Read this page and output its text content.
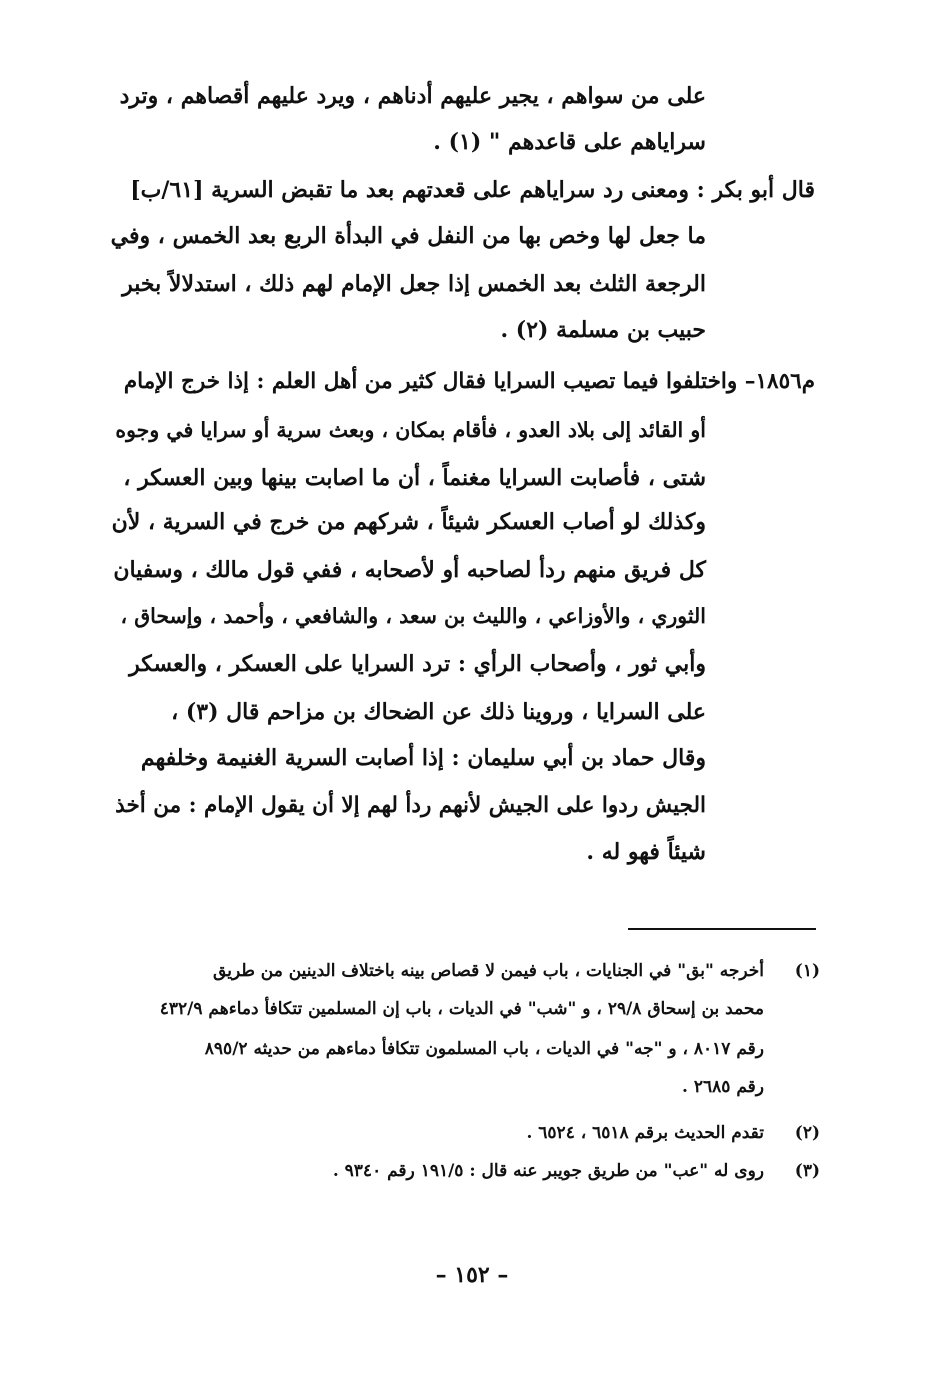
على من سواهم ، يجير عليهم أدناهم ، ويرد عليهم أقصاهم ، وترد
سراياهم على قاعدهم " (١) .
قال أبو بكر : ومعنى رد سراياهم على قعدتهم بعد ما تقبض السرية [٦١/ب]
ما جعل لها وخص بها من النفل في البدأة الربع بعد الخمس ، وفي
الرجعة الثلث بعد الخمس إذا جعل الإمام لهم ذلك ، استدلالاً بخبر
حبيب بن مسلمة (٢) .
م١٨٥٦– واختلفوا فيما تصيب السرايا فقال كثير من أهل العلم : إذا خرج الإمام
أو القائد إلى بلاد العدو ، فأقام بمكان ، وبعث سرية أو سرايا في وجوه
شتى ، فأصابت السرايا مغنماً ، أن ما اصابت بينها وبين العسكر ،
وكذلك لو أصاب العسكر شيئاً ، شركهم من خرج في السرية ، لأن
كل فريق منهم ردأ لصاحبه أو لأصحابه ، ففي قول مالك ، وسفيان
الثوري ، والأوزاعي ، والليث بن سعد ، والشافعي ، وأحمد ، وإسحاق ،
وأبي ثور ، وأصحاب الرأي : ترد السرايا على العسكر ، والعسكر
على السرايا ، وروينا ذلك عن الضحاك بن مزاحم قال (٣) ،
وقال حماد بن أبي سليمان : إذا أصابت السرية الغنيمة وخلفهم
الجيش ردوا على الجيش لأنهم ردأ لهم إلا أن يقول الإمام : من أخذ
شيئاً فهو له .
(١)
أخرجه "بق" في الجنايات ، باب فيمن لا قصاص بينه باختلاف الدينين من طريق
محمد بن إسحاق ٢٩/٨ ، و "شب" في الديات ، باب إن المسلمين تتكافأ دماءهم ٤٣٢/٩
رقم ٨٠١٧ ، و "جه" في الديات ، باب المسلمون تتكافأ دماءهم من حديثه ٨٩٥/٢
رقم ٢٦٨٥ .
(٢)
تقدم الحديث برقم ٦٥١٨ ، ٦٥٢٤ .
(٣)
روى له "عب" من طريق جويبر عنه قال : ١٩١/٥ رقم ٩٣٤٠ .
– ١٥٢ –
